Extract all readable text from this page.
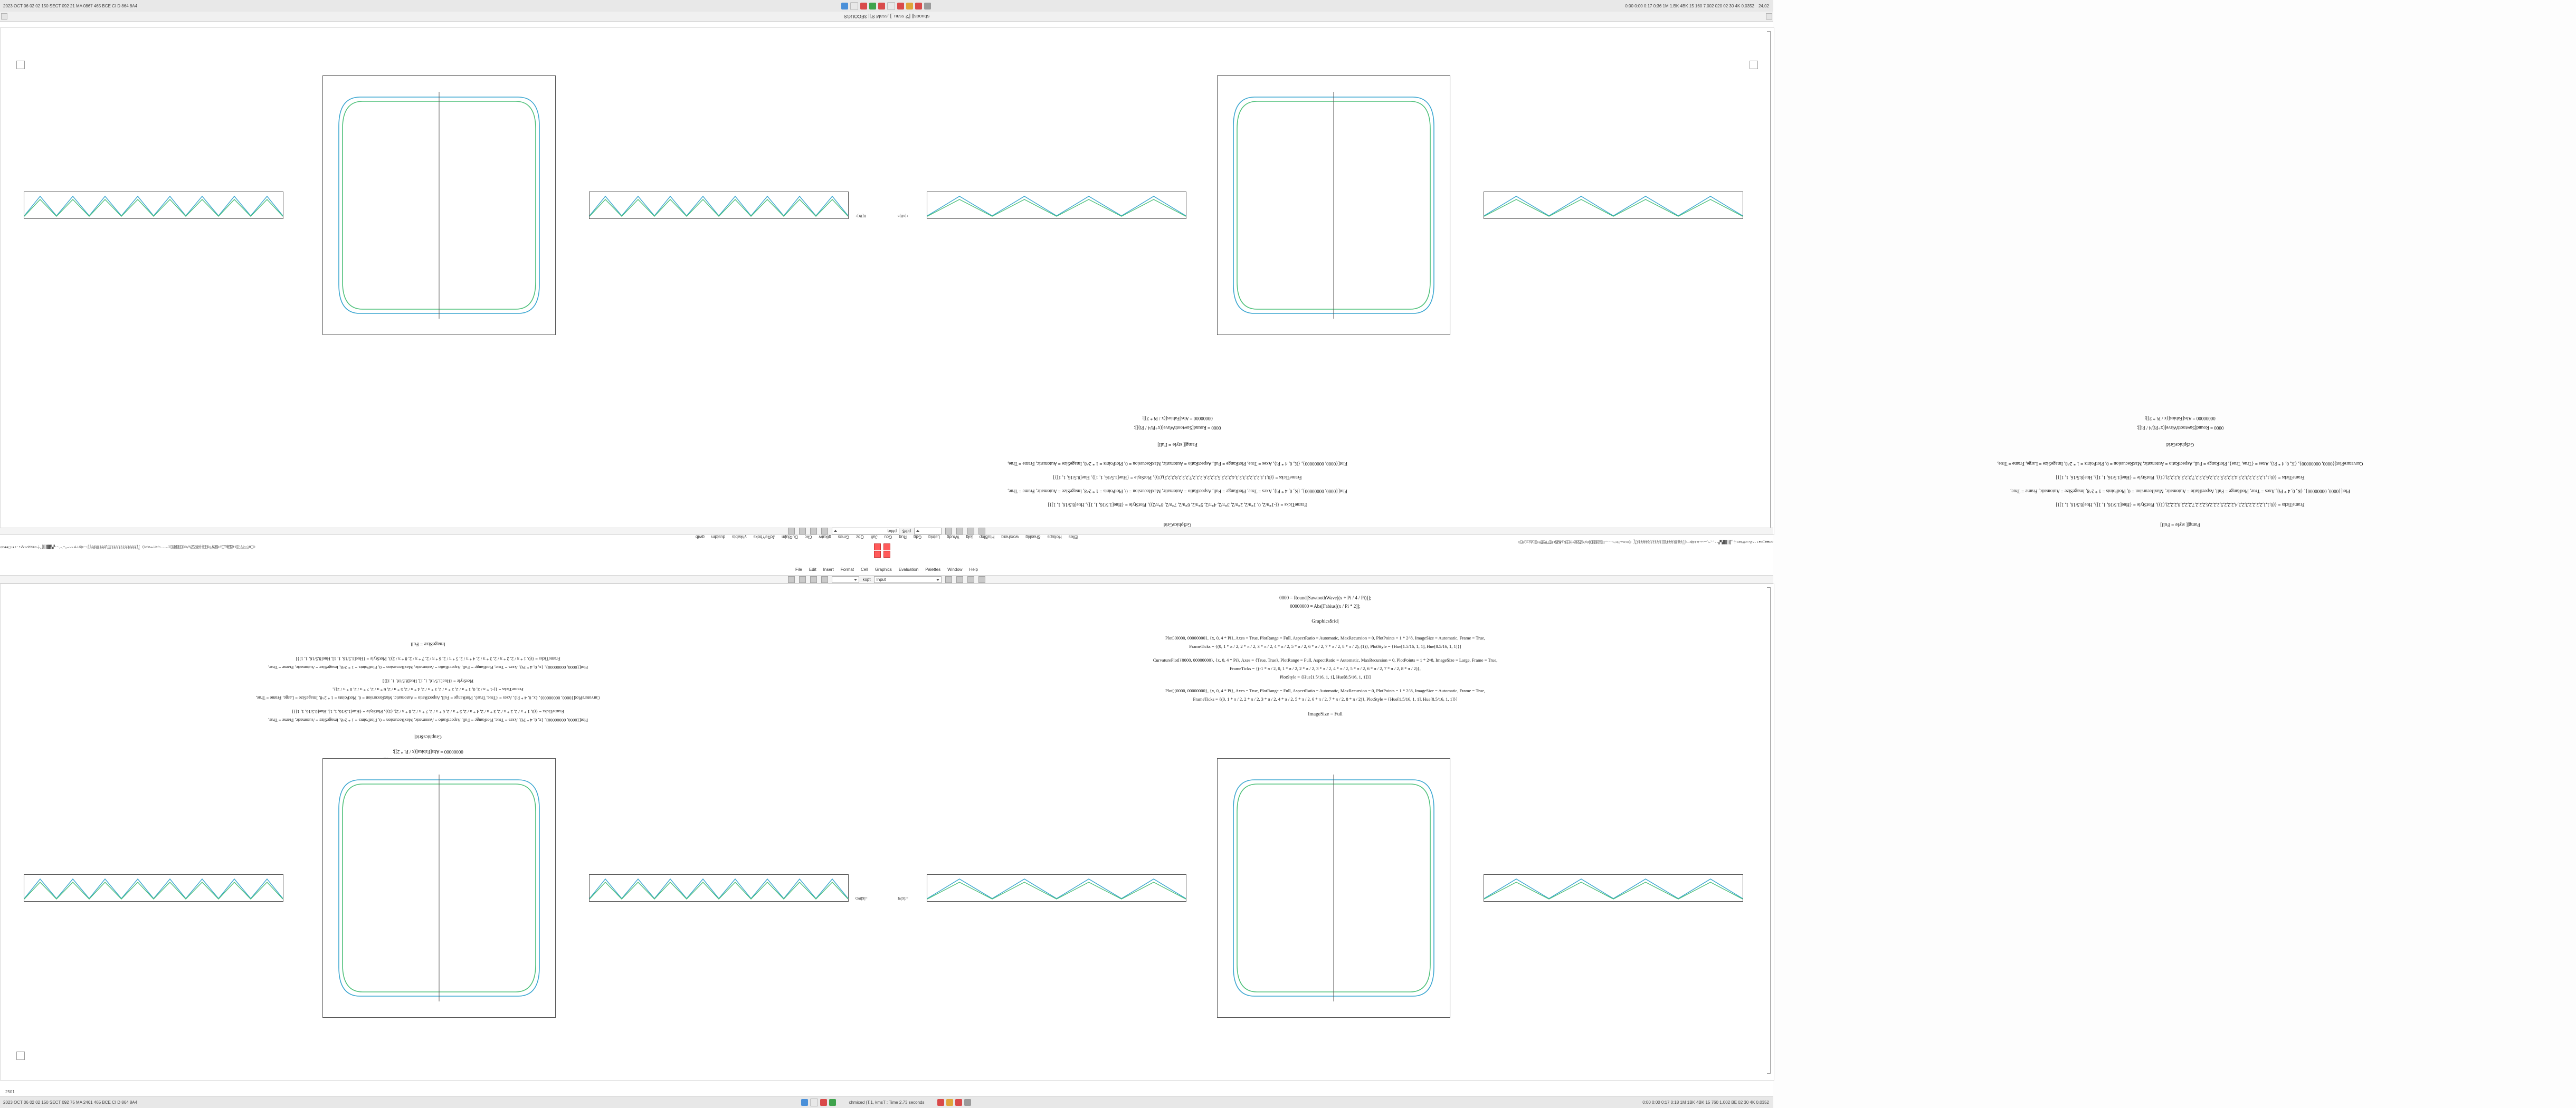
2023 OCT 06 02 02 150 SECT 092 21 MA 0867 465 BCE CI D 864 8A4	0:00 0:00 0:17 0:36 1M 1.BK 4BK 15 160 7.002 020 02 30 4K 0.0352 24,02
sbuods|| ['2 ssau_] ,ssaM S'|| 3ECOUGS
H[Bt]+	+[nB]n
Pamg|[ style = Full]
FrameTicks = {(0,1,1,2,2,2,2,3,2,3,4,2,2,2,5,2,2,2,6,2,2,2,7,2,2,2,8,2,2,2),(1)}, PlotStyle = {Hue[1.5/16, 1, 1]}, Hue[8.5/16, 1, 1]}]
Plot[{0000, 00000000}, {K, 0, 4 * Pi}, Axes = True, PlotRange = Full, AspectRatio = Automatic, MaxRecursion = 0, PlotPoints = 1 * 2^8, ImageSize = Automatic, Frame = True,
FrameTicks = {(0,1,1,2,2,2,2,3,2,3,4,2,2,2,5,2,2,2,6,2,2,2,7,2,2,2,8,2,2,2),(1)}, PlotStyle = {Hue[1.5/16, 1, 1]}, Hue[8.5/16, 1, 1]}]
CurvaturePlot[{0000, 00000000}, {K, 0, 4 * Pi}, Axes = {True, True}, PlotRange = Full, AspectRatio = Automatic, MaxRecursion = 0, PlotPoints = 1 * 2^8, ImageSize = Large, Frame = True,
Gr$phicsGrid
0000 = Round[SawtoothWave[(x÷Pi)/4 / Pi]];
00000000 = Abs[Fabius[(x / Pi * 2]];
Gr$phicsGrid
FrameTicks = {(-1*π/2, 0, 1*π/2, 2*π/2, 3*π/2, 4*π/2, 5*π/2, 6*π/2, 7*π/2, 8*π/2)}, PlotStyle = {Hue[1.5/16, 1, 1]}, Hue[8.5/16, 1, 1]}]
Plot[{0000, 00000000}, {K, 0, 4 * Pi}, Axes = True, PlotRange = Full, AspectRatio = Automatic, MaxRecursion = 0, PlotPoints = 1 * 2^8, ImageSize = Automatic, Frame = True,
FrameTicks = {(0,1,1,2,2,2,2,3,2,3,4,2,2,2,5,2,2,2,6,2,2,2,7,2,2,2,8,2,2,2),(1)}, PlotStyle = {Hue[1.5/16, 1, 1]}, Hue[8.5/16, 1, 1]}]
Plot[{0000, 00000000}, {K, 0, 4 * Pi}, Axes = True, PlotRange = Full, AspectRatio = Automatic, MaxRecursion = 0, PlotPoints = 1 * 2^8, ImageSize = Automatic, Frame = True,
Pamg|[ style = Full]
0000 = Round[SawtoothWave[(x÷Pi/4 / Pi)]];
00000000 = Abs[Fabius[(x / Pi * 2]];
Elles
Holtups
Shaskig
worsherg
HtuBlop
jalg
Wrudg
Letnig
Gdg
Ruq
Gcu
Jaft
Qbz
Gmes
gtkutw
Ckc
DuRlujm
JcReYboks
yhkabts
dustdm
gwtb
pdr$
phkq
◇◻◆◈⬚▫▪∙·‣⁂⌁⌂⌘⌥⎈⎋⏚␣▒░▓█▚▞◜◝◞◟◠◡⌢⌣⟀⟁⟂⟃⟄⌐¬⌠⌡∮∯∰∱∲∳⨋⨌⨍⨎⨏⨐⨑⨒⨓⨔⨕⨖⨗⨘⨙⨚⨛⨜ ⌬⌭⌮⌯⌰⌱⌲⌳⌴⌵⌶⌷⌸⌹⌺⌻⌼⌽⌾⌿⍀⍁⍂⍃⍄⍅⍆⍇⍈⍉⍊⍋⍌⍍⍎⍏⍐⍑⍒⍓⍔⍕⍖⍗⍘⍙⍚⍛⍜⍝⍞⍟
◇◻◆◈⬚▫▪∙·‣⁂⌁⌂⌘⌥⎈⎋⏚␣▒░▓█▚▞◜◝◞◟◠◡⌢⌣⟀⟁⟂⟃⟄⌐¬⌠⌡∮∯∰∱∲∳⨋⨌⨍⨎⨏⨐⨑⨒⨓⨔⨕⨖⨗⨘⨙⨚⨛⨜ ⌬⌭⌮⌯⌰⌱⌲⌳⌴⌵⌶⌷⌸⌹⌺⌻⌼⌽⌾⌿⍀⍁⍂⍃⍄⍅⍆⍇⍈⍉⍊⍋⍌⍍⍎⍏⍐⍑⍒⍓⍔⍕⍖⍗⍘⍙⍚⍛⍜⍝⍞⍟
File Edit Insert Format Cell Graphics Evaluation Palettes Window Help
kopt	Input
00000000 = Abs[Fabius[(x / Pi * 2]];
Graphics$rid|
Plot[{0000, 00000000}, {x, 0, 4 * Pi}, Axes = True, PlotRange = Full, AspectRatio = Automatic, MaxRecursion = 0, PlotPoints = 1 * 2^8, ImageSize = Automatic, Frame = True,
FrameTicks = {(0, 1 * π / 2, 2 * π / 2, 3 * π / 2, 4 * π / 2, 5 * π / 2, 6 * π / 2, 7 * π / 2, 8 * π / 2), (1)}, PlotStyle = {Hue[1.5/16, 1, 1], Hue[8.5/16, 1, 1]}]
CurvaturePlot[{0000, 00000000}, {x, 0, 4 * Pi}, Axes = {True, True}, PlotRange = Full, AspectRatio = Automatic, MaxRecursion = 0, PlotPoints = 1 * 2^8, ImageSize = Large, Frame = True,
FrameTicks = {(-1 * π / 2, 0, 1 * π / 2, 2 * π / 2, 3 * π / 2, 4 * π / 2, 5 * π / 2, 6 * π / 2, 7 * π / 2, 8 * π / 2)},
PlotStyle = {Hue[1.5/16, 1, 1], Hue[8.5/16, 1, 1]}]
Plot[{0000, 00000000}, {x, 0, 4 * Pi}, Axes = True, PlotRange = Full, AspectRatio = Automatic, MaxRecursion = 0, PlotPoints = 1 * 2^8, ImageSize = Automatic, Frame = True,
FrameTicks = {(0, 1 * π / 2, 2 * π / 2, 3 * π / 2, 4 * π / 2, 5 * π / 2, 6 * π / 2, 7 * π / 2, 8 * π / 2)}, PlotStyle = {Hue[1.5/16, 1, 1], Hue[8.5/16, 1, 1]}]
ImageSize = Full
0000 = Round[SawtoothWave[(x ÷ Pi / 4 / Pi)]];
00000000 = Abs[Fabius[(x / Pi * 2]];
Graphics$rid|
Plot[{0000, 00000000}, {x, 0, 4 * Pi}, Axes = True, PlotRange = Full, AspectRatio = Automatic, MaxRecursion = 0, PlotPoints = 1 * 2^8, ImageSize = Automatic, Frame = True,
FrameTicks = {(0, 1 * π / 2, 2 * π / 2, 3 * π / 2, 4 * π / 2, 5 * π / 2, 6 * π / 2, 7 * π / 2, 8 * π / 2), (1)}, PlotStyle = {Hue[1.5/16, 1, 1], Hue[8.5/16, 1, 1]}]
CurvaturePlot[{0000, 00000000}, {x, 0, 4 * Pi}, Axes = {True, True}, PlotRange = Full, AspectRatio = Automatic, MaxRecursion = 0, PlotPoints = 1 * 2^8, ImageSize = Large, Frame = True,
FrameTicks = {(-1 * π / 2, 0, 1 * π / 2, 2 * π / 2, 3 * π / 2, 4 * π / 2, 5 * π / 2, 6 * π / 2, 7 * π / 2, 8 * π / 2)},
PlotStyle = {Hue[1.5/16, 1, 1], Hue[8.5/16, 1, 1]}]
Plot[{0000, 00000000}, {x, 0, 4 * Pi}, Axes = True, PlotRange = Full, AspectRatio = Automatic, MaxRecursion = 0, PlotPoints = 1 * 2^8, ImageSize = Automatic, Frame = True,
FrameTicks = {(0, 1 * π / 2, 2 * π / 2, 3 * π / 2, 4 * π / 2, 5 * π / 2, 6 * π / 2, 7 * π / 2, 8 * π / 2)}, PlotStyle = {Hue[1.5/16, 1, 1], Hue[8.5/16, 1, 1]}]
ImageSize = Full
Out[9]=	In[9]:=
2023 OCT 06 02 02 150 SECT 092 75 MA 2461 465 BCE CI D 864 8A4	chmiced (T.1, kmsT : Time 2.73 seconds	0:00 0:00 0:17 0:18 1M 1BK 4BK 15 760 1.002 BE 02 30 4K 0.0352
2501
